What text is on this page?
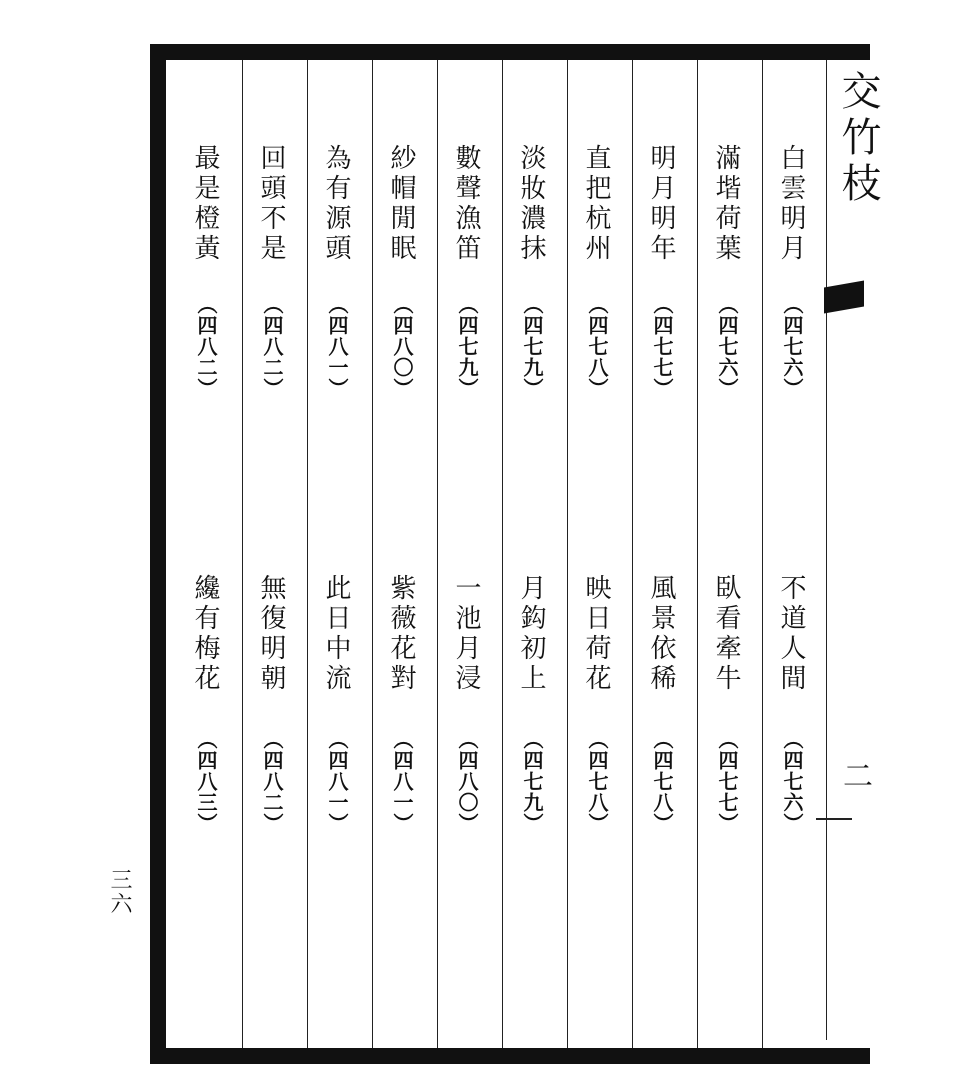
白雲明月
（四七六）
不道人間
（四七六）
滿堦荷葉
（四七六）
臥看牽牛
（四七七）
明月明年
（四七七）
風景依稀
（四七八）
直把杭州
（四七八）
映日荷花
（四七八）
淡妝濃抹
（四七九）
月鈎初上
（四七九）
數聲漁笛
（四七九）
一池月浸
（四八〇）
紗帽閒眠
（四八〇）
紫薇花對
（四八一）
為有源頭
（四八一）
此日中流
（四八一）
回頭不是
（四八二）
無復明朝
（四八二）
最是橙黃
（四八二）
纔有梅花
（四八三）
交竹枝
二
三六
